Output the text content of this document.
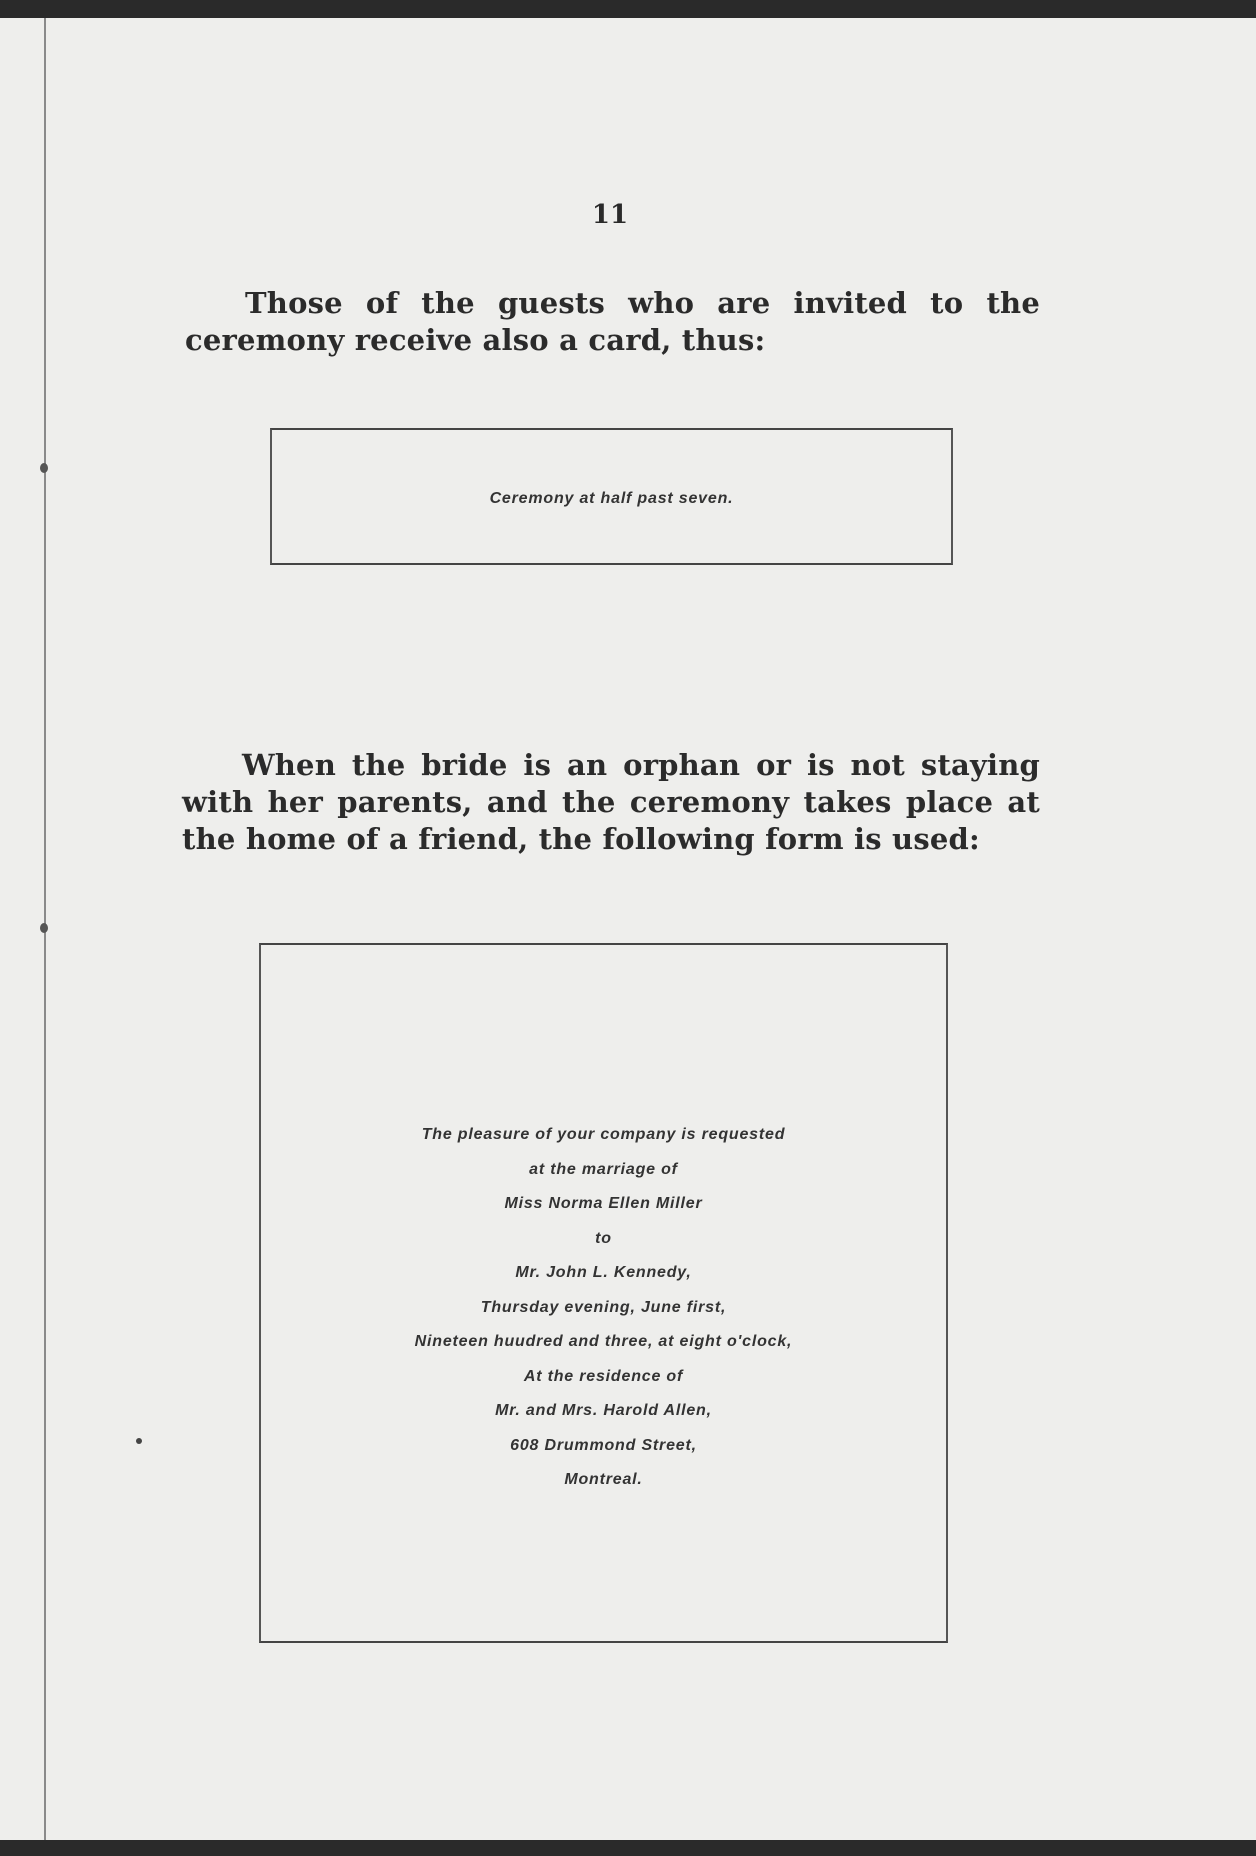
11

Those of the guests who are invited to the ceremony receive also a card, thus:

Ceremony at half past seven.

When the bride is an orphan or is not staying with her parents, and the ceremony takes place at the home of a friend, the following form is used:

The pleasure of your company is requested
at the marriage of
Miss Norma Ellen Miller
to
Mr. John L. Kennedy,
Thursday evening, June first,
Nineteen huudred and three, at eight o'clock,
At the residence of
Mr. and Mrs. Harold Allen,
608 Drummond Street,
Montreal.
